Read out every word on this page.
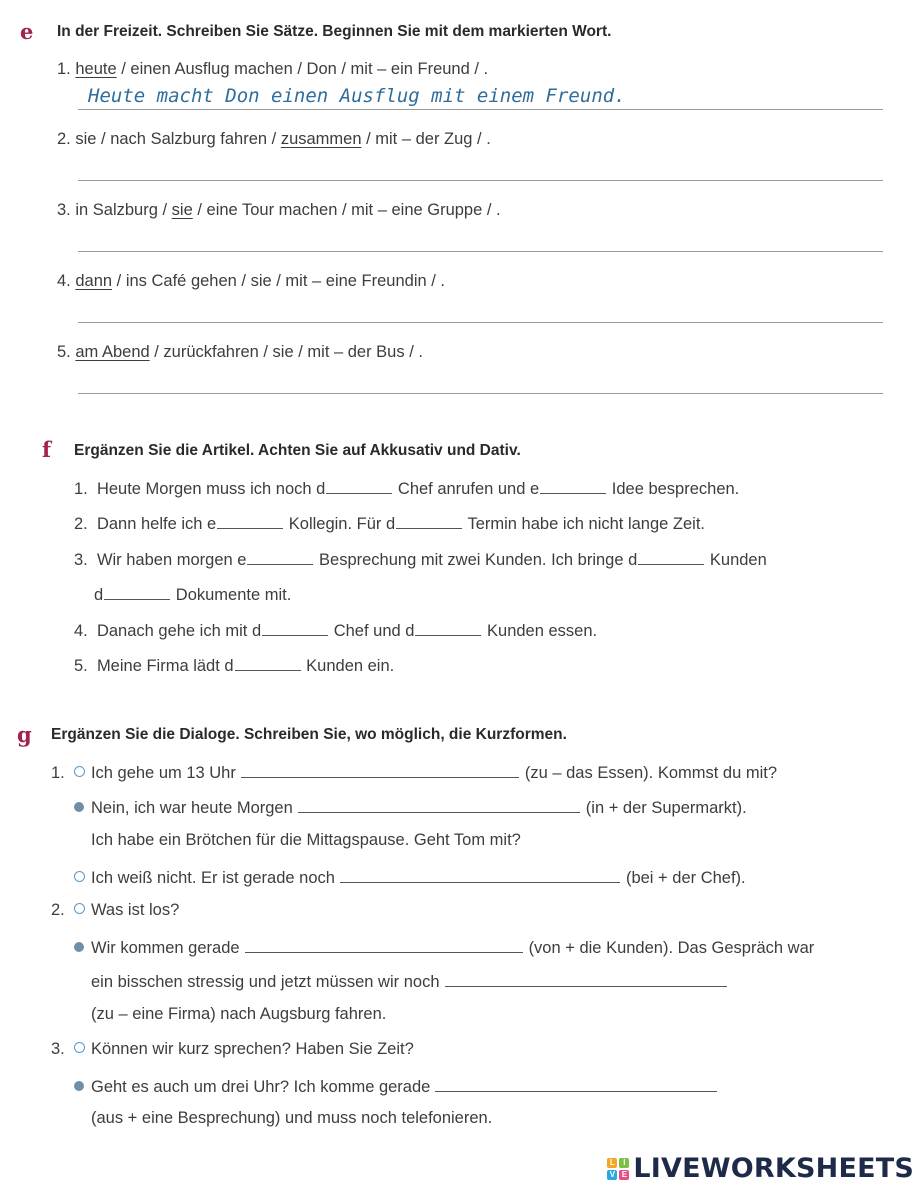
e In der Freizeit. Schreiben Sie Sätze. Beginnen Sie mit dem markierten Wort.
1. heute / einen Ausflug machen / Don / mit – ein Freund / .
Heute macht Don einen Ausflug mit einem Freund.
2. sie / nach Salzburg fahren / zusammen / mit – der Zug / .
3. in Salzburg / sie / eine Tour machen / mit – eine Gruppe / .
4. dann / ins Café gehen / sie / mit – eine Freundin / .
5. am Abend / zurückfahren / sie / mit – der Bus / .
f Ergänzen Sie die Artikel. Achten Sie auf Akkusativ und Dativ.
1. Heute Morgen muss ich noch d	Chef anrufen und e	Idee besprechen.
2. Dann helfe ich e	Kollegin. Für d	Termin habe ich nicht lange Zeit.
3. Wir haben morgen e	Besprechung mit zwei Kunden. Ich bringe d	Kunden
d	Dokumente mit.
4. Danach gehe ich mit d	Chef und d	Kunden essen.
5. Meine Firma lädt d	Kunden ein.
g Ergänzen Sie die Dialoge. Schreiben Sie, wo möglich, die Kurzformen.
1. Ich gehe um 13 Uhr	(zu – das Essen). Kommst du mit?
Nein, ich war heute Morgen	(in + der Supermarkt).
Ich habe ein Brötchen für die Mittagspause. Geht Tom mit?
Ich weiß nicht. Er ist gerade noch	(bei + der Chef).
2. Was ist los?
Wir kommen gerade	(von + die Kunden). Das Gespräch war
ein bisschen stressig und jetzt müssen wir noch
(zu – eine Firma) nach Augsburg fahren.
3. Können wir kurz sprechen? Haben Sie Zeit?
Geht es auch um drei Uhr? Ich komme gerade
(aus + eine Besprechung) und muss noch telefonieren.
L	I
V E LIVEWORKSHEETS
